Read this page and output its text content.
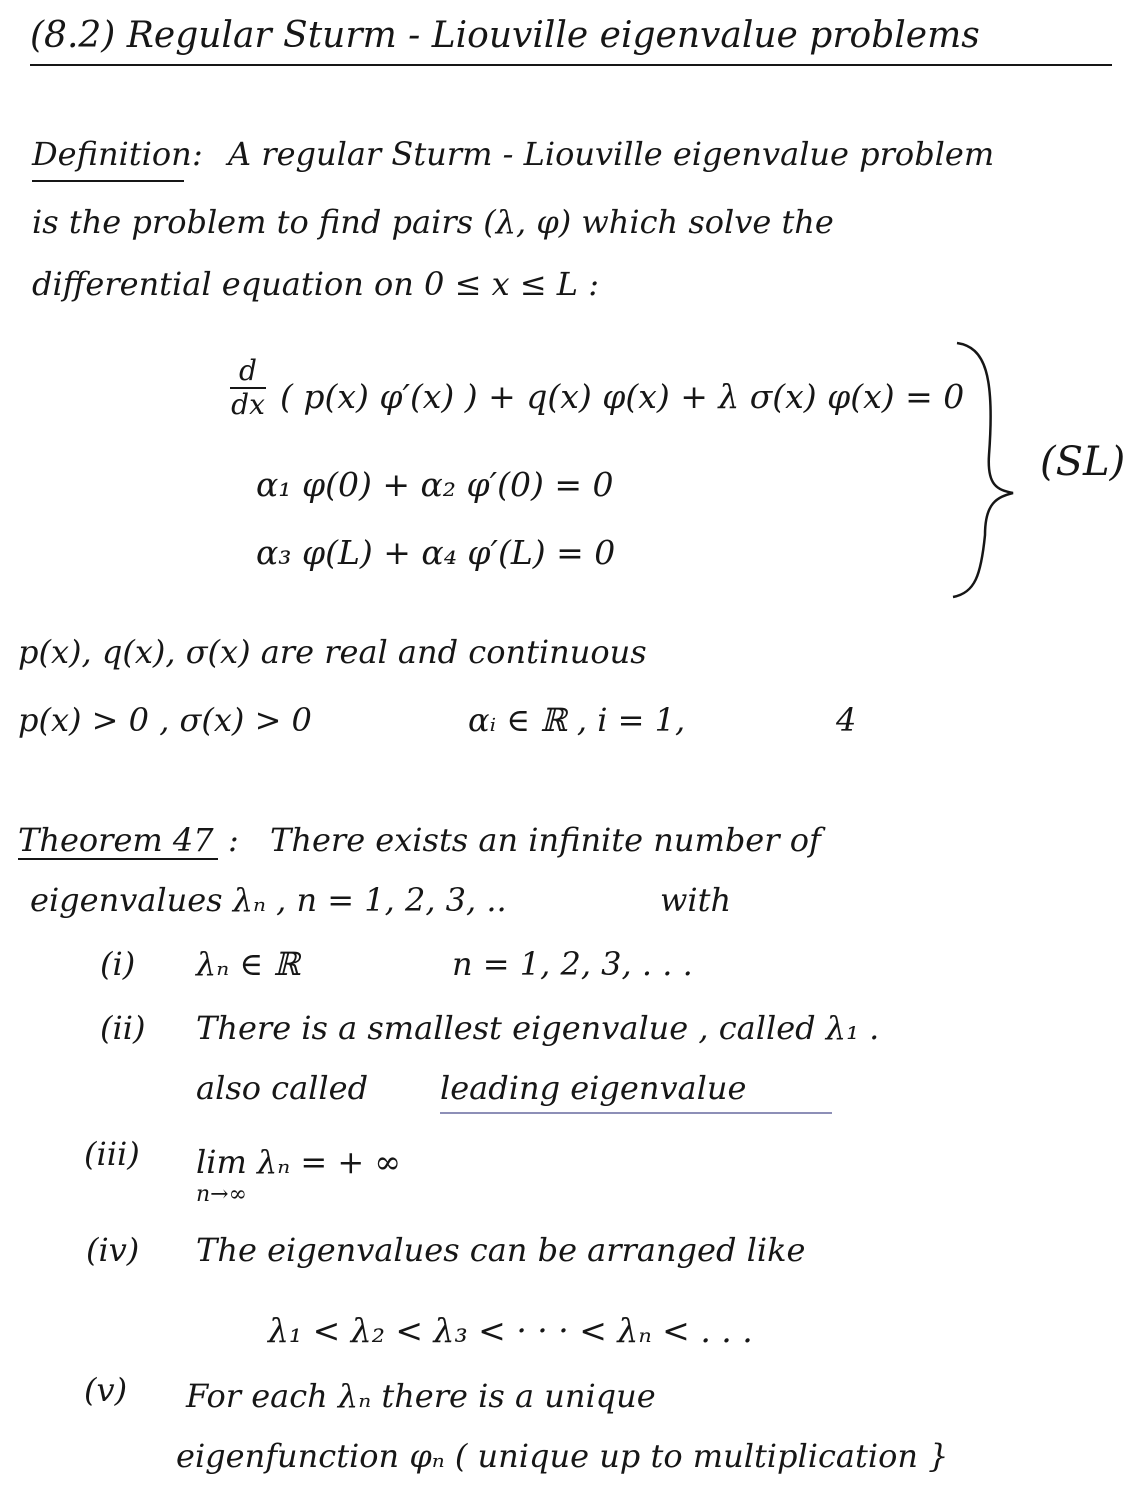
(8.2) Regular Sturm - Liouville eigenvalue problems
Definition : A regular Sturm - Liouville eigenvalue problem
is the problem to find pairs (λ, φ) which solve the
differential equation on 0 ≤ x ≤ L :
d
dx ( p(x) φ′(x) ) + q(x) φ(x) + λ σ(x) φ(x) = 0
α₁ φ(0) + α₂ φ′(0) = 0
α₃ φ(L) + α₄ φ′(L) = 0
(SL)
p(x), q(x), σ(x) are real and continuous
p(x) > 0 , σ(x) > 0	αᵢ ∈ ℝ , i = 1,	4
Theorem 47 : There exists an infinite number of
eigenvalues λₙ , n = 1, 2, 3, ..	with
(i) λₙ ∈ ℝ	n = 1, 2, 3, . . .
(ii) There is a smallest eigenvalue , called λ₁ .
also called leading eigenvalue
(iii) lim λₙ = + ∞
n→∞
(iv) The eigenvalues can be arranged like
λ₁ < λ₂ < λ₃ < · · · < λₙ < . . .
(v) For each λₙ there is a unique
eigenfunction φₙ ( unique up to multiplication }
